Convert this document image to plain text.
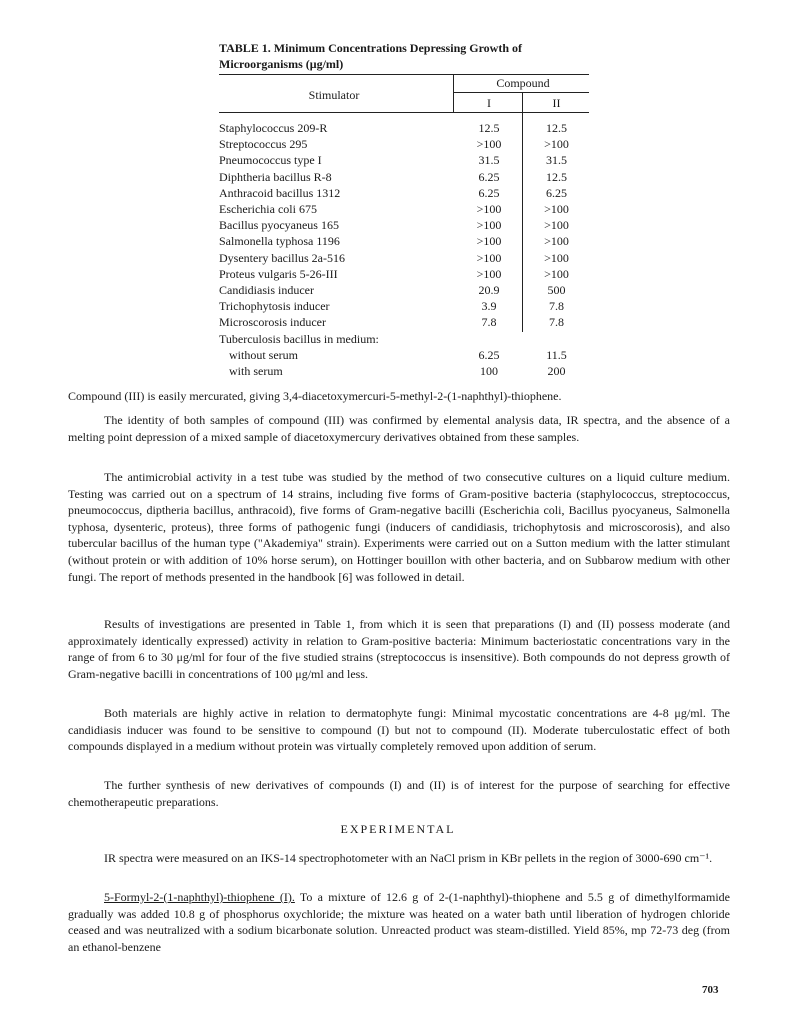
TABLE 1. Minimum Concentrations Depressing Growth of Microorganisms (μg/ml)
Stimulator
Compound
I	II
Staphylococcus 209-R	12.5	12.5
Streptococcus 295	>100	>100
Pneumococcus type I	31.5	31.5
Diphtheria bacillus R-8	6.25	12.5
Anthracoid bacillus 1312	6.25	6.25
Escherichia coli 675	>100	>100
Bacillus pyocyaneus 165	>100	>100
Salmonella typhosa 1196	>100	>100
Dysentery bacillus 2a-516	>100	>100
Proteus vulgaris 5-26-III	>100	>100
Candidiasis inducer	20.9	500
Trichophytosis inducer	3.9	7.8
Microscorosis inducer	7.8	7.8
Tuberculosis bacillus in medium:
without serum	6.25	11.5
with serum	100	200
Compound (III) is easily mercurated, giving 3,4-diacetoxymercuri-5-methyl-2-(1-naphthyl)-thiophene.
The identity of both samples of compound (III) was confirmed by elemental analysis data, IR spectra, and the absence of a melting point depression of a mixed sample of diacetoxymercury derivatives obtained from these samples.
The antimicrobial activity in a test tube was studied by the method of two consecutive cultures on a liquid culture medium. Testing was carried out on a spectrum of 14 strains, including five forms of Gram-positive bacteria (staphylococcus, streptococcus, pneumococcus, diptheria bacillus, anthracoid), five forms of Gram-negative bacilli (Escherichia coli, Bacillus pyocyaneus, Salmonella typhosa, dysenteric, proteus), three forms of pathogenic fungi (inducers of candidiasis, trichophytosis and microscorosis), and also tubercular bacillus of the human type ("Akademiya" strain). Experiments were carried out on a Sutton medium with the latter stimulant (without protein or with addition of 10% horse serum), on Hottinger bouillon with other bacteria, and on Subbarow medium with other fungi. The report of methods presented in the handbook [6] was followed in detail.
Results of investigations are presented in Table 1, from which it is seen that preparations (I) and (II) possess moderate (and approximately identically expressed) activity in relation to Gram-positive bacteria: Minimum bacteriostatic concentrations vary in the range of from 6 to 30 μg/ml for four of the five studied strains (streptococcus is insensitive). Both compounds do not depress growth of Gram-negative bacilli in concentrations of 100 μg/ml and less.
Both materials are highly active in relation to dermatophyte fungi: Minimal mycostatic concentrations are 4-8 μg/ml. The candidiasis inducer was found to be sensitive to compound (I) but not to compound (II). Moderate tuberculostatic effect of both compounds displayed in a medium without protein was virtually completely removed upon addition of serum.
The further synthesis of new derivatives of compounds (I) and (II) is of interest for the purpose of searching for effective chemotherapeutic preparations.
EXPERIMENTAL
IR spectra were measured on an IKS-14 spectrophotometer with an NaCl prism in KBr pellets in the region of 3000-690 cm⁻¹.
5-Formyl-2-(1-naphthyl)-thiophene (I). To a mixture of 12.6 g of 2-(1-naphthyl)-thiophene and 5.5 g of dimethylformamide gradually was added 10.8 g of phosphorus oxychloride; the mixture was heated on a water bath until liberation of hydrogen chloride ceased and was neutralized with a sodium bicarbonate solution. Unreacted product was steam-distilled. Yield 85%, mp 72-73 deg (from an ethanol-benzene
703
